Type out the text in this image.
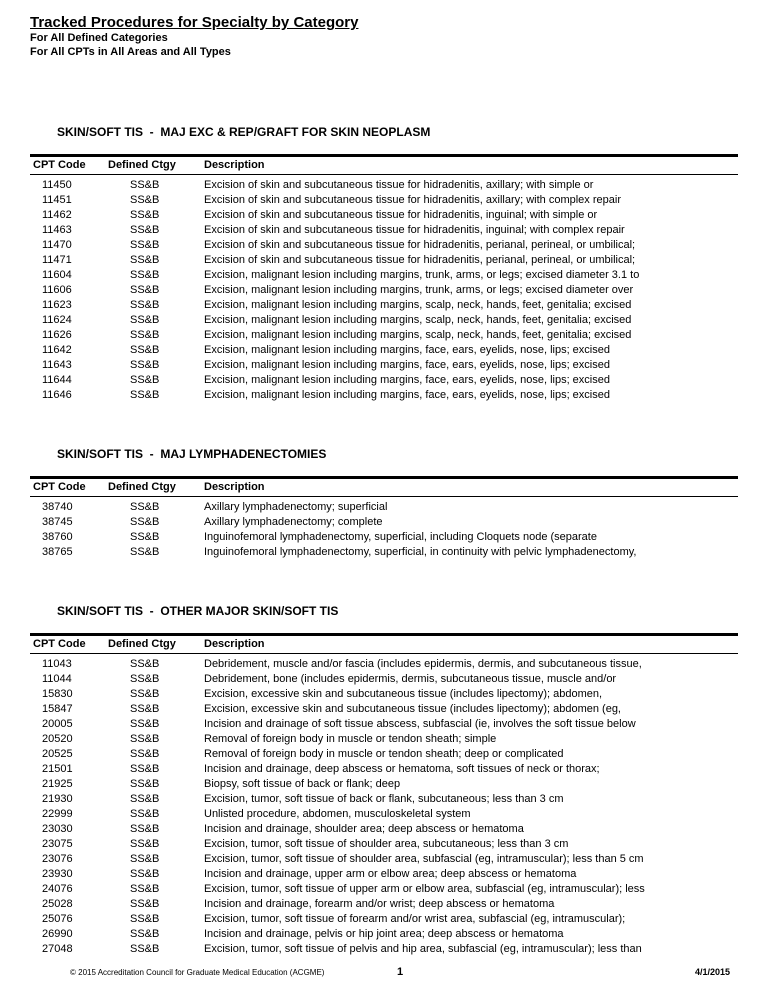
Tracked Procedures for Specialty by Category
For All Defined Categories
For All CPTs in All Areas and All Types
SKIN/SOFT TIS  -  MAJ EXC & REP/GRAFT FOR SKIN NEOPLASM
CPT Code	Defined Ctgy	Description
11450	SS&B	Excision of skin and subcutaneous tissue for hidradenitis, axillary; with simple or
11451	SS&B	Excision of skin and subcutaneous tissue for hidradenitis, axillary; with complex repair
11462	SS&B	Excision of skin and subcutaneous tissue for hidradenitis, inguinal; with simple or
11463	SS&B	Excision of skin and subcutaneous tissue for hidradenitis, inguinal; with complex repair
11470	SS&B	Excision of skin and subcutaneous tissue for hidradenitis, perianal, perineal, or umbilical;
11471	SS&B	Excision of skin and subcutaneous tissue for hidradenitis, perianal, perineal, or umbilical;
11604	SS&B	Excision, malignant lesion including margins, trunk, arms, or legs; excised diameter 3.1 to
11606	SS&B	Excision, malignant lesion including margins, trunk, arms, or legs; excised diameter over
11623	SS&B	Excision, malignant lesion including margins, scalp, neck, hands, feet, genitalia; excised
11624	SS&B	Excision, malignant lesion including margins, scalp, neck, hands, feet, genitalia; excised
11626	SS&B	Excision, malignant lesion including margins, scalp, neck, hands, feet, genitalia; excised
11642	SS&B	Excision, malignant lesion including margins, face, ears, eyelids, nose, lips; excised
11643	SS&B	Excision, malignant lesion including margins, face, ears, eyelids, nose, lips; excised
11644	SS&B	Excision, malignant lesion including margins, face, ears, eyelids, nose, lips; excised
11646	SS&B	Excision, malignant lesion including margins, face, ears, eyelids, nose, lips; excised
SKIN/SOFT TIS  -  MAJ LYMPHADENECTOMIES
CPT Code	Defined Ctgy	Description
38740	SS&B	Axillary lymphadenectomy; superficial
38745	SS&B	Axillary lymphadenectomy; complete
38760	SS&B	Inguinofemoral lymphadenectomy, superficial, including Cloquets node (separate
38765	SS&B	Inguinofemoral lymphadenectomy, superficial, in continuity with pelvic lymphadenectomy,
SKIN/SOFT TIS  -  OTHER MAJOR SKIN/SOFT TIS
CPT Code	Defined Ctgy	Description
11043	SS&B	Debridement, muscle and/or fascia (includes epidermis, dermis, and subcutaneous tissue,
11044	SS&B	Debridement, bone (includes epidermis, dermis, subcutaneous tissue, muscle and/or
15830	SS&B	Excision, excessive skin and subcutaneous tissue (includes lipectomy); abdomen,
15847	SS&B	Excision, excessive skin and subcutaneous tissue (includes lipectomy); abdomen (eg,
20005	SS&B	Incision and drainage of soft tissue abscess, subfascial (ie, involves the soft tissue below
20520	SS&B	Removal of foreign body in muscle or tendon sheath; simple
20525	SS&B	Removal of foreign body in muscle or tendon sheath; deep or complicated
21501	SS&B	Incision and drainage, deep abscess or hematoma, soft tissues of neck or thorax;
21925	SS&B	Biopsy, soft tissue of back or flank; deep
21930	SS&B	Excision, tumor, soft tissue of back or flank, subcutaneous; less than 3 cm
22999	SS&B	Unlisted procedure, abdomen, musculoskeletal system
23030	SS&B	Incision and drainage, shoulder area; deep abscess or hematoma
23075	SS&B	Excision, tumor, soft tissue of shoulder area, subcutaneous; less than 3 cm
23076	SS&B	Excision, tumor, soft tissue of shoulder area, subfascial (eg, intramuscular); less than 5 cm
23930	SS&B	Incision and drainage, upper arm or elbow area; deep abscess or hematoma
24076	SS&B	Excision, tumor, soft tissue of upper arm or elbow area, subfascial (eg, intramuscular); less
25028	SS&B	Incision and drainage, forearm and/or wrist; deep abscess or hematoma
25076	SS&B	Excision, tumor, soft tissue of forearm and/or wrist area, subfascial (eg, intramuscular);
26990	SS&B	Incision and drainage, pelvis or hip joint area; deep abscess or hematoma
27048	SS&B	Excision, tumor, soft tissue of pelvis and hip area, subfascial (eg, intramuscular); less than
© 2015 Accreditation Council for Graduate Medical Education (ACGME)	1	4/1/2015
